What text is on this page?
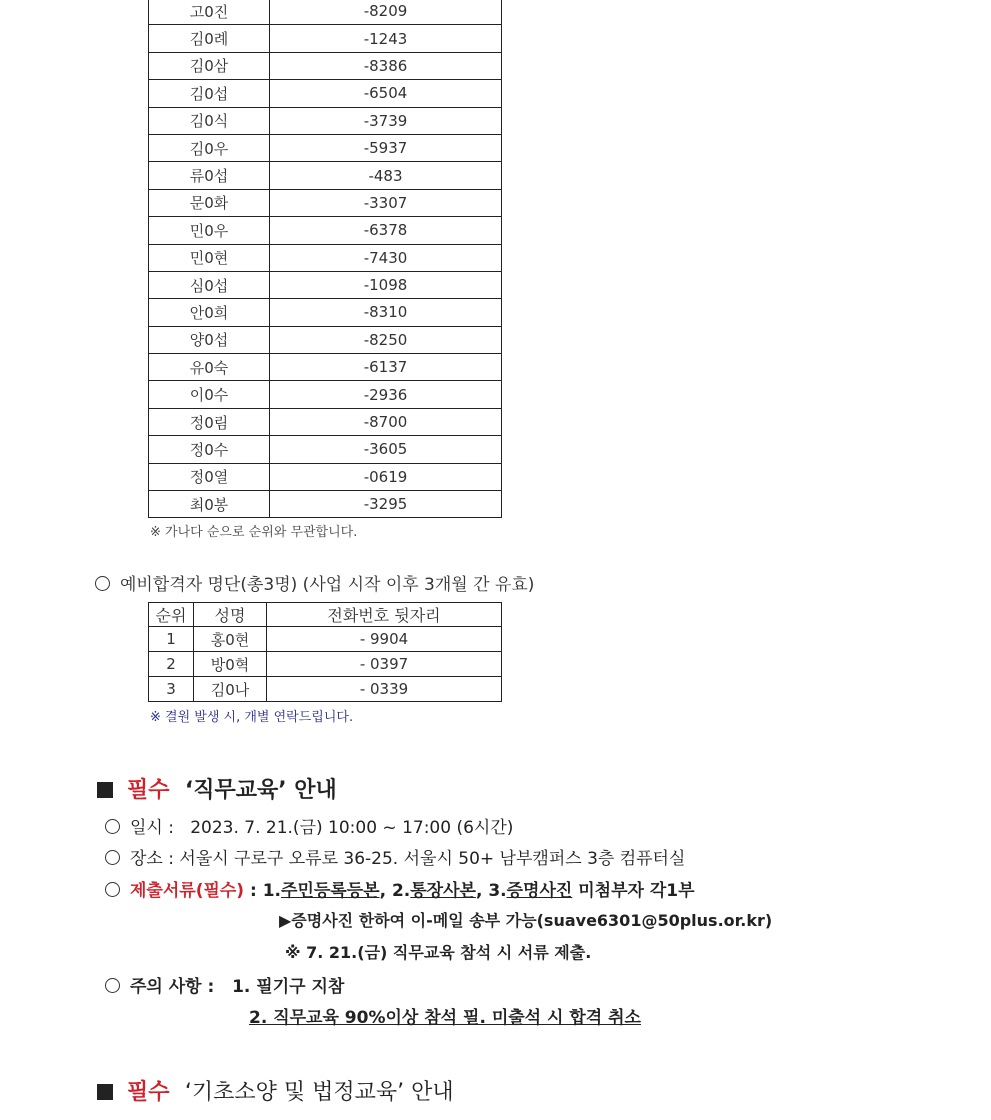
고0진	-8209
김0례	-1243
김0삼	-8386
김0섭	-6504
김0식	-3739
김0우	-5937
류0섭	-483
문0화	-3307
민0우	-6378
민0현	-7430
심0섭	-1098
안0희	-8310
양0섭	-8250
유0숙	-6137
이0수	-2936
정0림	-8700
정0수	-3605
정0열	-0619
최0봉	-3295
※ 가나다 순으로 순위와 무관합니다.
예비합격자 명단(총3명) (사업 시작 이후 3개월 간 유효)
순위	성명	전화번호 뒷자리
1	홍0현	- 9904
2	방0혁	- 0397
3	김0나	- 0339
※ 결원 발생 시, 개별 연락드립니다.
필수 ‘직무교육’ 안내
일시 : 2023. 7. 21.(금) 10:00 ~ 17:00 (6시간)
장소 : 서울시 구로구 오류로 36-25. 서울시 50+ 남부캠퍼스 3층 컴퓨터실
제출서류(필수) : 1.주민등록등본, 2.통장사본, 3.증명사진 미첨부자 각1부
▶증명사진 한하여 이-메일 송부 가능(suave6301@50plus.or.kr)
※ 7. 21.(금) 직무교육 참석 시 서류 제출.
주의 사항 : 1. 필기구 지참
2. 직무교육 90%이상 참석 필. 미출석 시 합격 취소
필수 ‘기초소양 및 법정교육’ 안내
